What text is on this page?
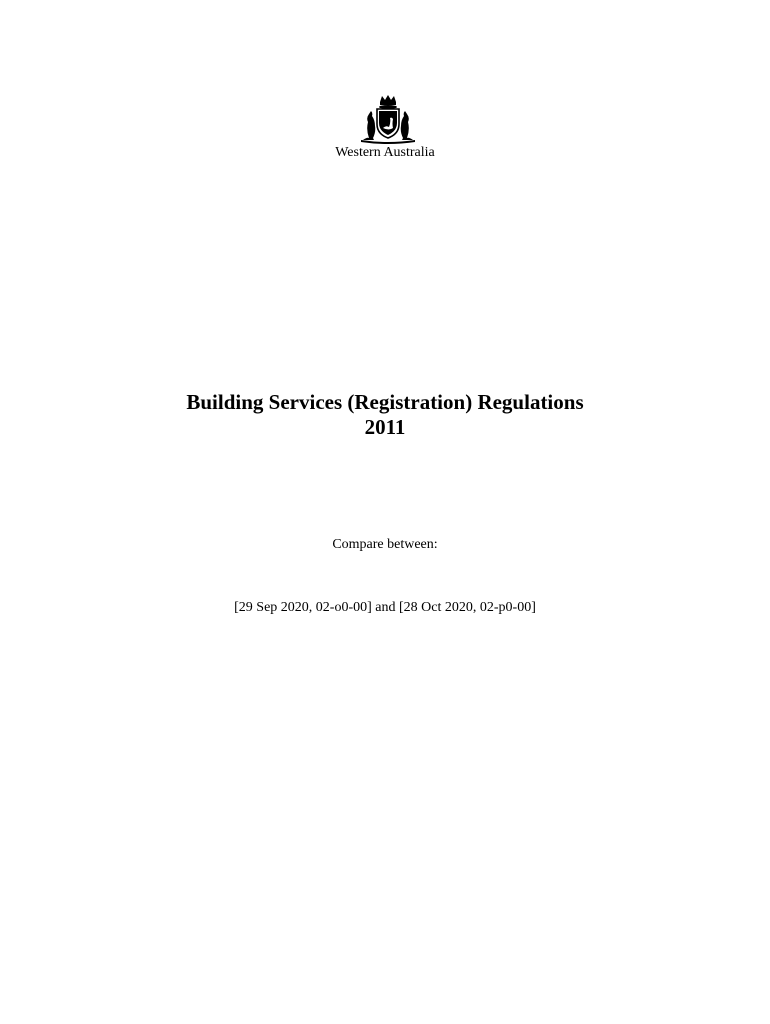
Western Australia
Building Services (Registration) Regulations
2011
Compare between:
[29 Sep 2020, 02-o0-00] and [28 Oct 2020, 02-p0-00]
